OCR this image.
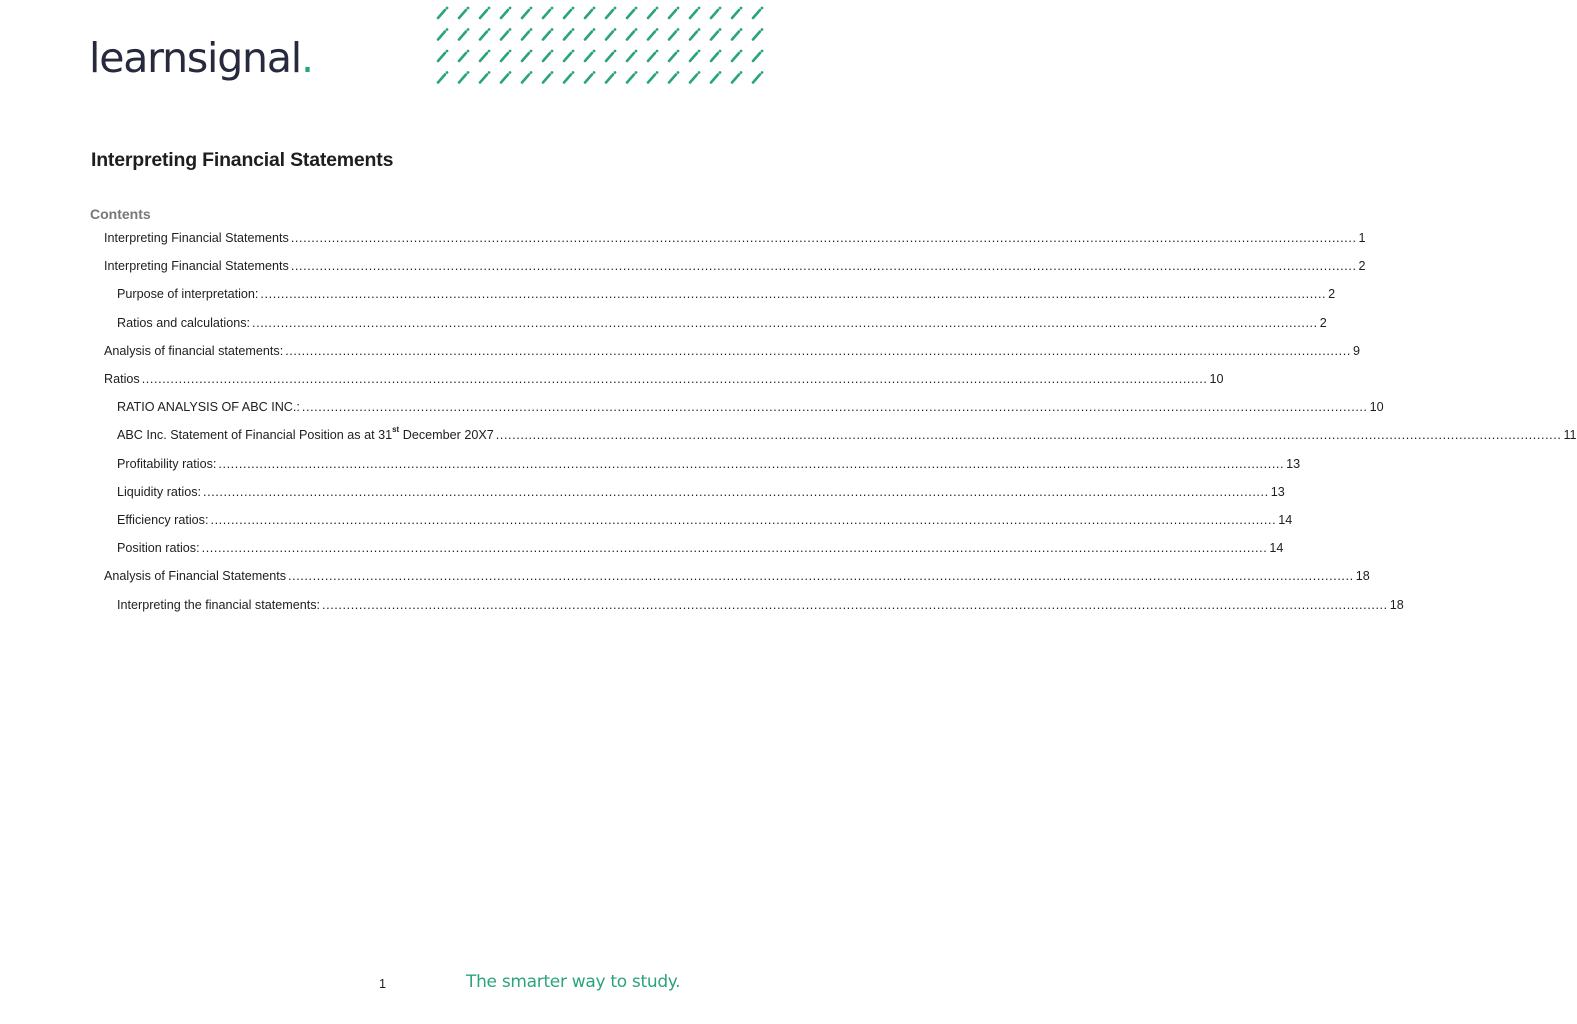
learnsignal.
Interpreting Financial Statements
Contents
Interpreting Financial Statements .................................................................................................................................................................................................................................................................... 1
Interpreting Financial Statements .................................................................................................................................................................................................................................................................... 2
Purpose of interpretation: .................................................................................................................................................................................................................................................................... 2
Ratios and calculations: .................................................................................................................................................................................................................................................................... 2
Analysis of financial statements: .................................................................................................................................................................................................................................................................... 9
Ratios .................................................................................................................................................................................................................................................................... 10
RATIO ANALYSIS OF ABC INC.: .................................................................................................................................................................................................................................................................... 10
ABC Inc. Statement of Financial Position as at 31st December 20X7 .................................................................................................................................................................................................................................................................... 11
Profitability ratios: .................................................................................................................................................................................................................................................................... 13
Liquidity ratios: .................................................................................................................................................................................................................................................................... 13
Efficiency ratios: .................................................................................................................................................................................................................................................................... 14
Position ratios: .................................................................................................................................................................................................................................................................... 14
Analysis of Financial Statements .................................................................................................................................................................................................................................................................... 18
Interpreting the financial statements: .................................................................................................................................................................................................................................................................... 18
1	The smarter way to study.
